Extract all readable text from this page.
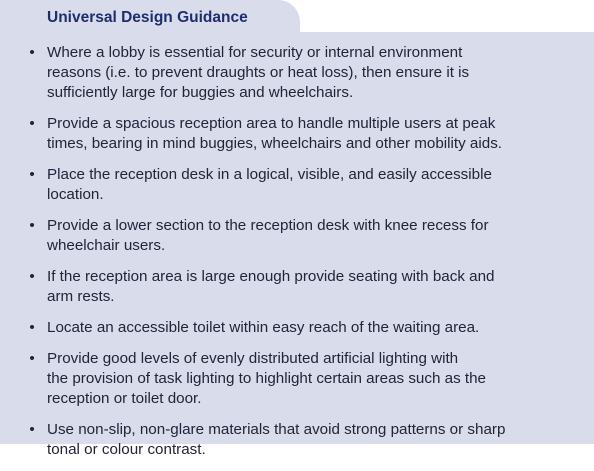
Universal Design Guidance
• Where a lobby is essential for security or internal environment
reasons (i.e. to prevent draughts or heat loss), then ensure it is
sufficiently large for buggies and wheelchairs.
• Provide a spacious reception area to handle multiple users at peak
times, bearing in mind buggies, wheelchairs and other mobility aids.
• Place the reception desk in a logical, visible, and easily accessible
location.
• Provide a lower section to the reception desk with knee recess for
wheelchair users.
• If the reception area is large enough provide seating with back and
arm rests.
• Locate an accessible toilet within easy reach of the waiting area.
• Provide good levels of evenly distributed artificial lighting with
the provision of task lighting to highlight certain areas such as the
reception or toilet door.
• Use non-slip, non-glare materials that avoid strong patterns or sharp
tonal or colour contrast.
